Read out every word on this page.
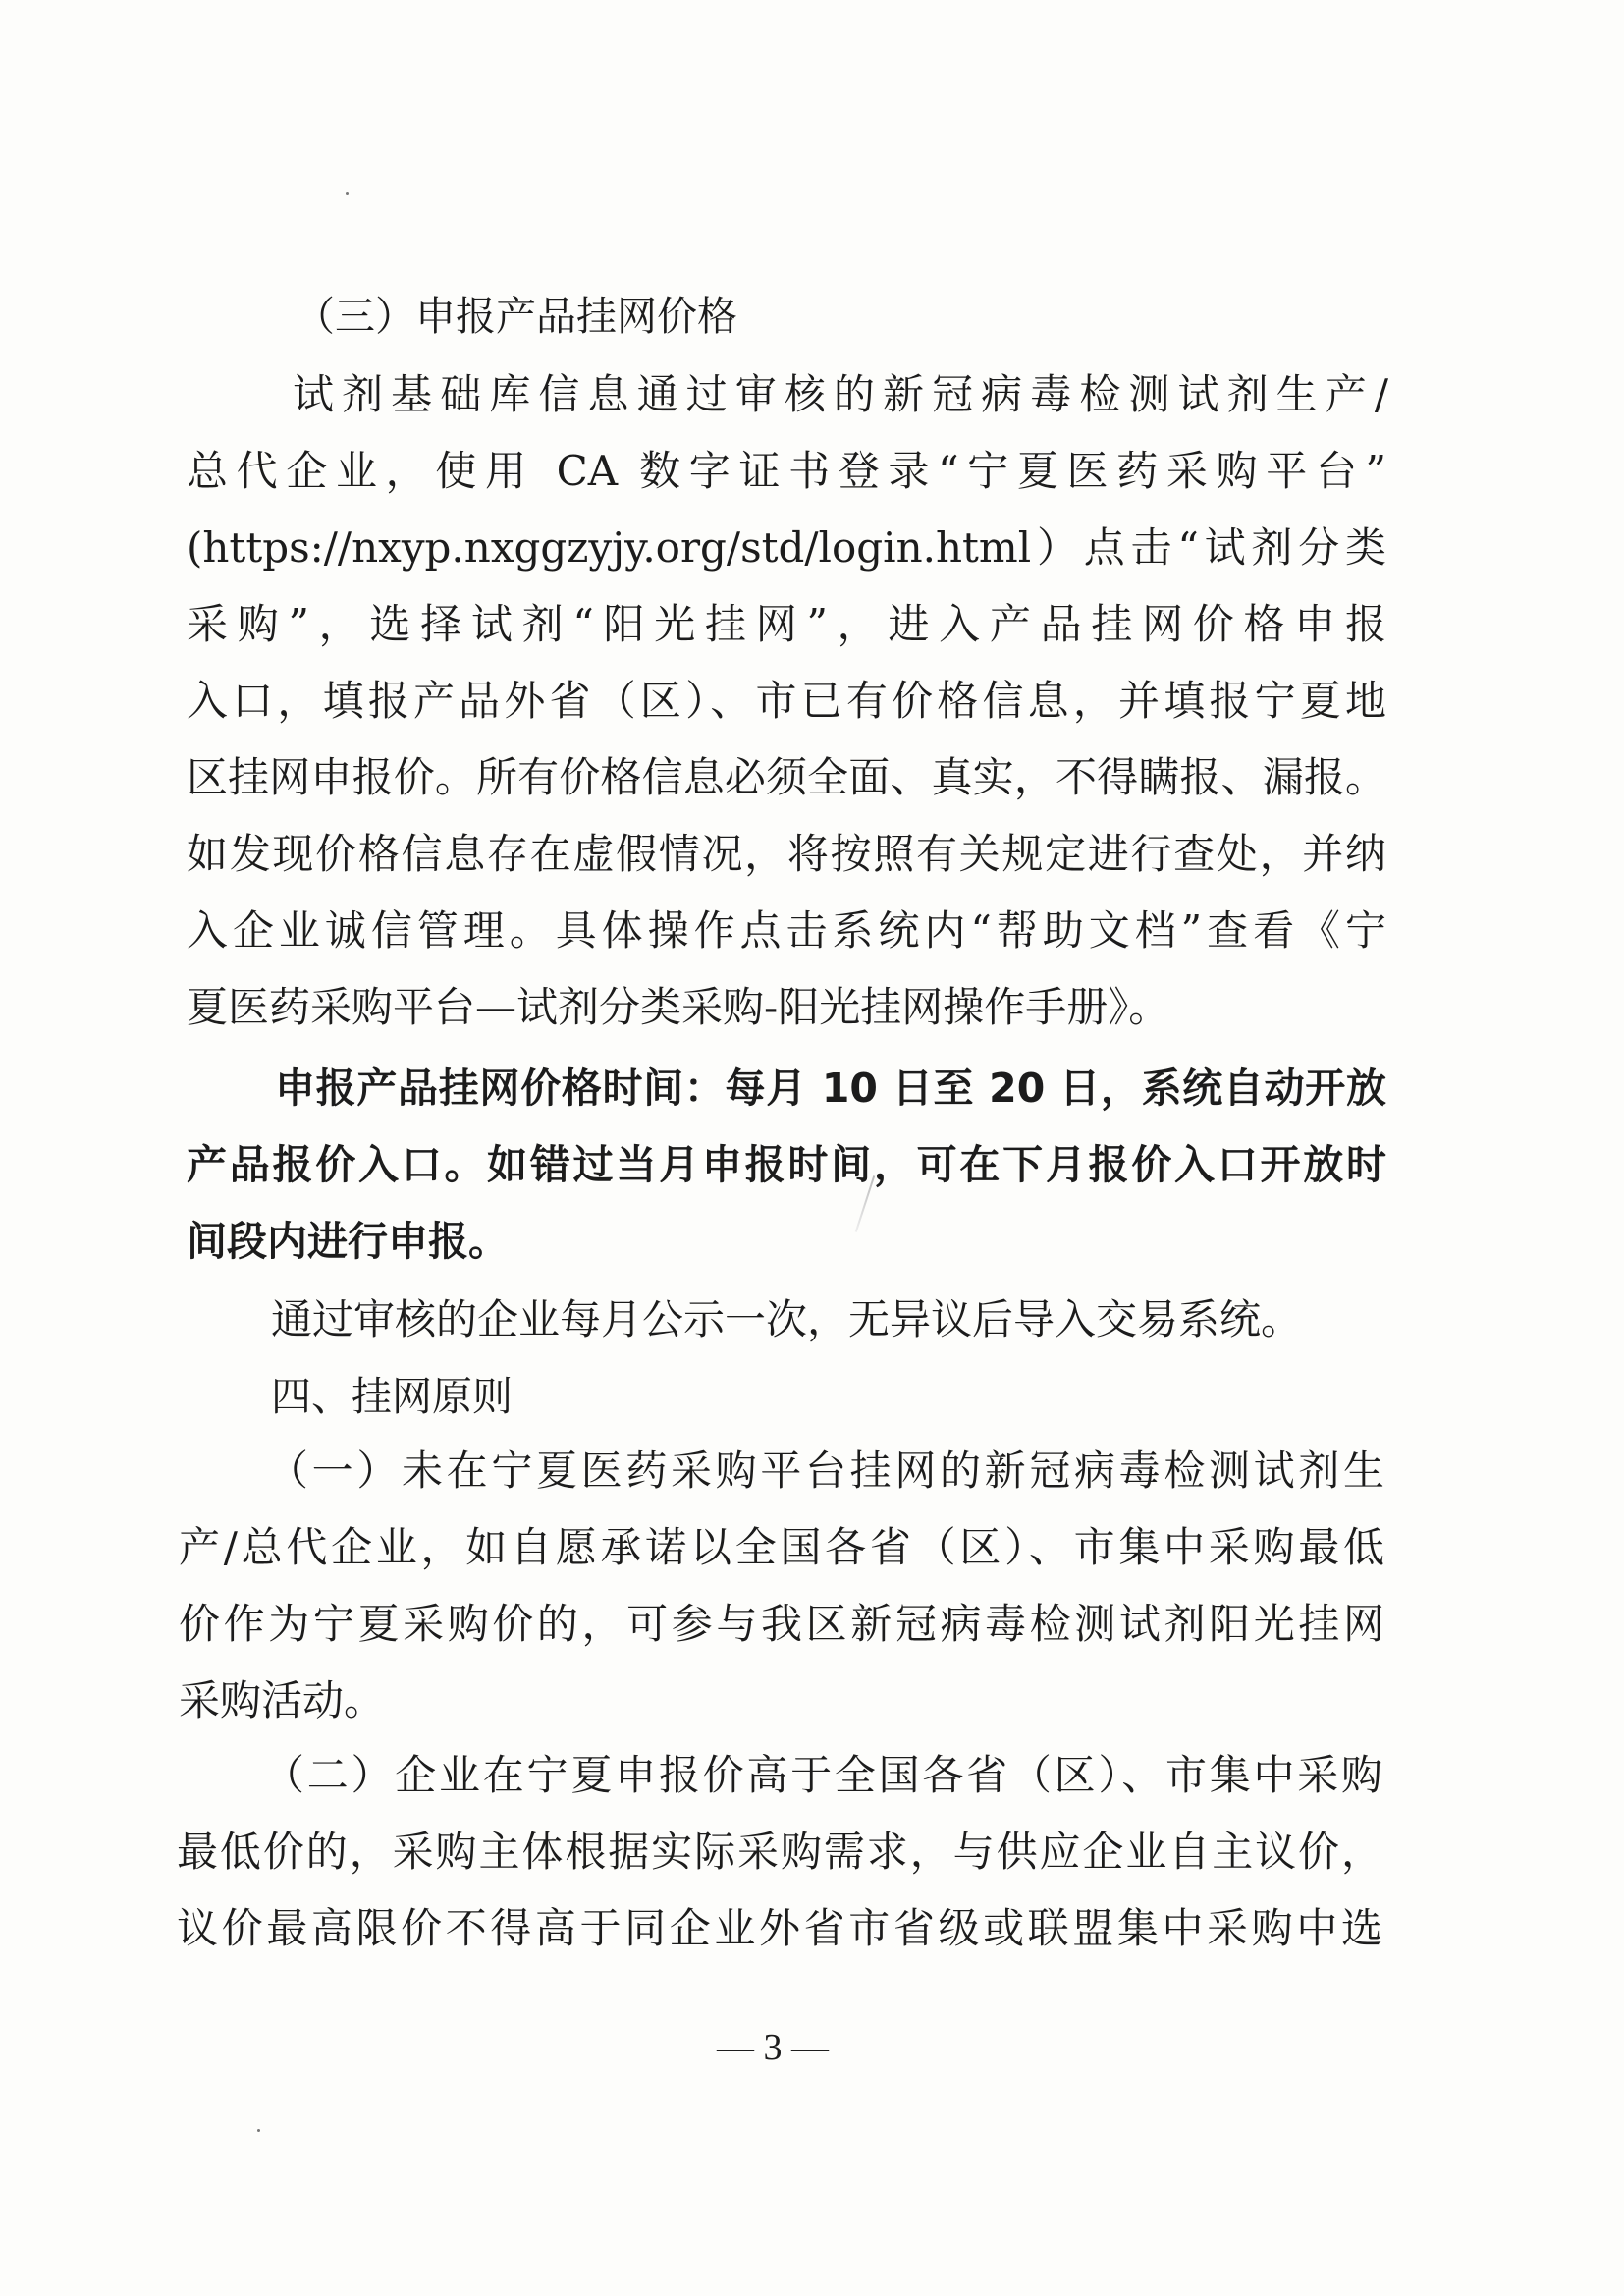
（三）申报产品挂网价格
试剂基础库信息通过审核的新冠病毒检测试剂生产/
总代企业，使用 CA 数字证书登录“宁夏医药采购平台”
(https://nxyp.nxggzyjy.org/std/login.html）点击“试剂分类
采购”，选择试剂“阳光挂网”，进入产品挂网价格申报
入口，填报产品外省（区）、市已有价格信息，并填报宁夏地
区挂网申报价。所有价格信息必须全面、真实，不得瞒报、漏报。
如发现价格信息存在虚假情况，将按照有关规定进行查处，并纳
入企业诚信管理。具体操作点击系统内“帮助文档”查看《宁
夏医药采购平台—试剂分类采购-阳光挂网操作手册》。
申报产品挂网价格时间：每月 10 日至 20 日，系统自动开放
产品报价入口。如错过当月申报时间，可在下月报价入口开放时
间段内进行申报。
通过审核的企业每月公示一次，无异议后导入交易系统。
四、挂网原则
（一）未在宁夏医药采购平台挂网的新冠病毒检测试剂生
产/总代企业，如自愿承诺以全国各省（区）、市集中采购最低
价作为宁夏采购价的，可参与我区新冠病毒检测试剂阳光挂网
采购活动。
（二）企业在宁夏申报价高于全国各省（区）、市集中采购
最低价的，采购主体根据实际采购需求，与供应企业自主议价，
议价最高限价不得高于同企业外省市省级或联盟集中采购中选
— 3 —
